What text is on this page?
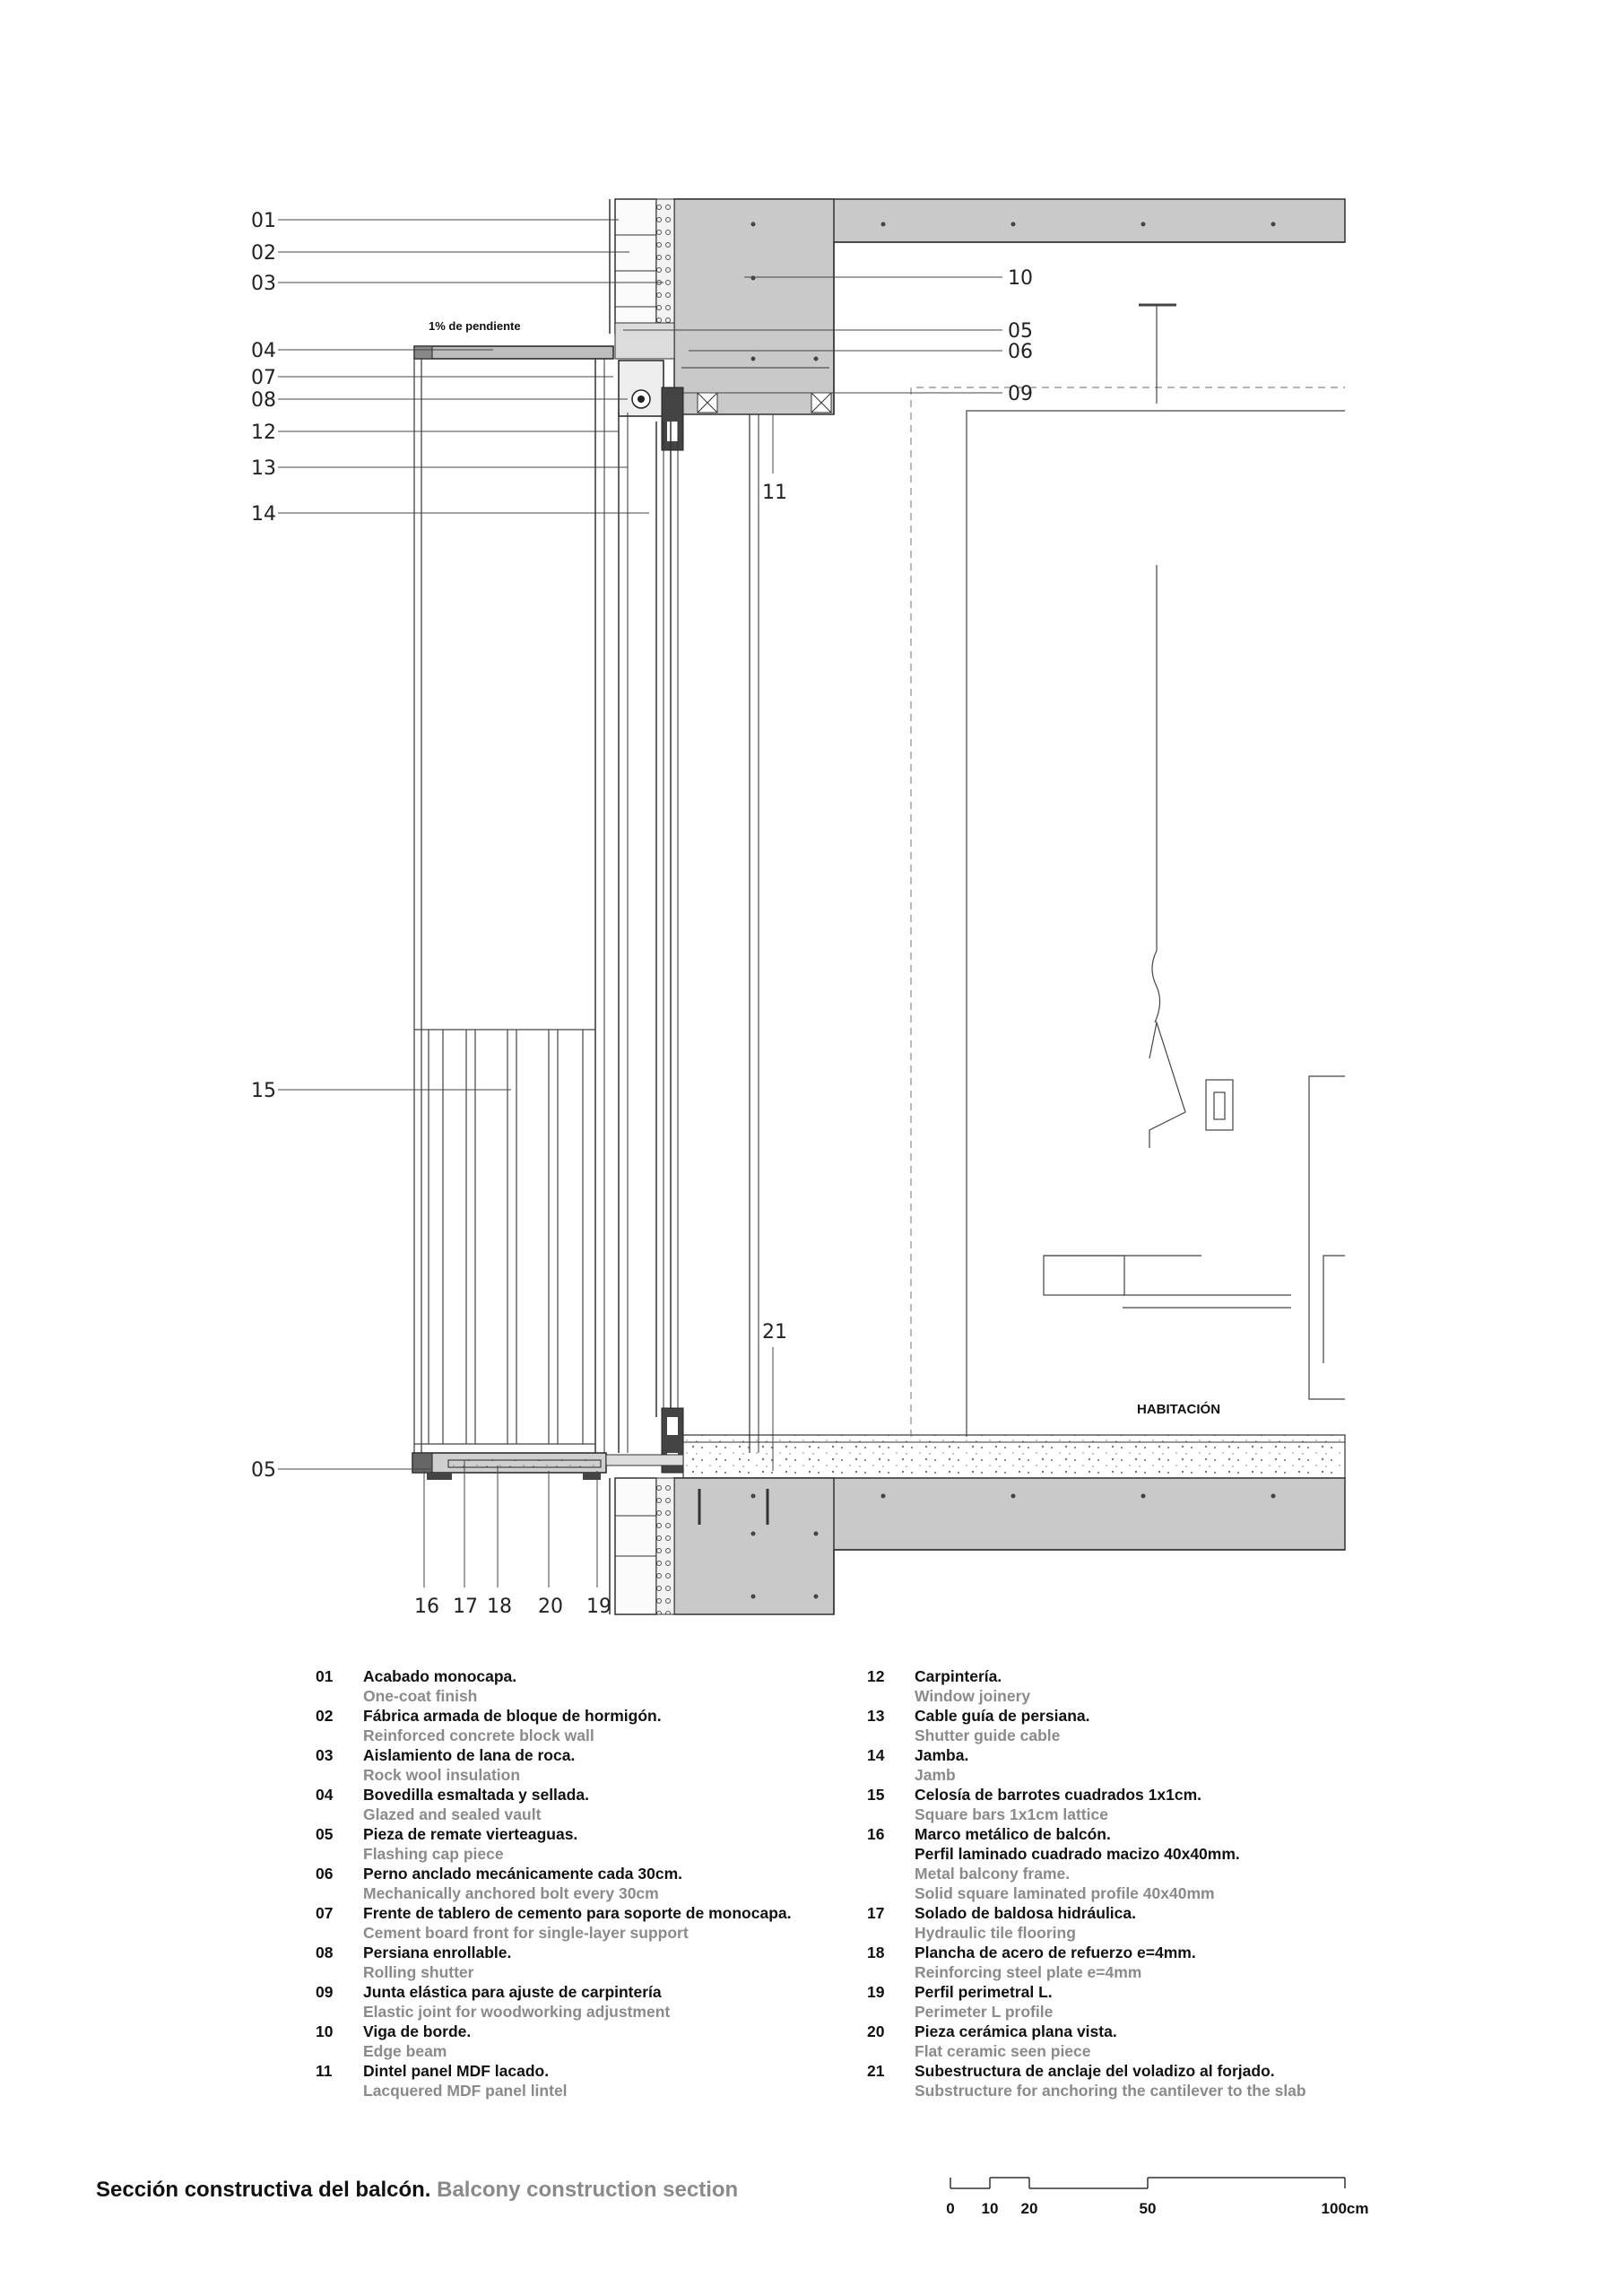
1% de pendiente
HABITACIÓN
01
02
03
04
07
08
12
13
14
15
05
10
05
06
09
11
21
16 17 18 20 19
01 Acabado monocapa.
One-coat finish
02 Fábrica armada de bloque de hormigón.
Reinforced concrete block wall
03 Aislamiento de lana de roca.
Rock wool insulation
04 Bovedilla esmaltada y sellada.
Glazed and sealed vault
05 Pieza de remate vierteaguas.
Flashing cap piece
06 Perno anclado mecánicamente cada 30cm.
Mechanically anchored bolt every 30cm
07 Frente de tablero de cemento para soporte de monocapa.
Cement board front for single-layer support
08 Persiana enrollable.
Rolling shutter
09 Junta elástica para ajuste de carpintería
Elastic joint for woodworking adjustment
10 Viga de borde.
Edge beam
11 Dintel panel MDF lacado.
Lacquered MDF panel lintel
12 Carpintería.
Window joinery
13 Cable guía de persiana.
Shutter guide cable
14 Jamba.
Jamb
15 Celosía de barrotes cuadrados 1x1cm.
Square bars 1x1cm lattice
16 Marco metálico de balcón.
Perfil laminado cuadrado macizo 40x40mm.
Metal balcony frame.
Solid square laminated profile 40x40mm
17 Solado de baldosa hidráulica.
Hydraulic tile flooring
18 Plancha de acero de refuerzo e=4mm.
Reinforcing steel plate e=4mm
19 Perfil perimetral L.
Perimeter L profile
20 Pieza cerámica plana vista.
Flat ceramic seen piece
21 Subestructura de anclaje del voladizo al forjado.
Substructure for anchoring the cantilever to the slab
Sección constructiva del balcón. Balcony construction section
0 10 20	50	100cm
